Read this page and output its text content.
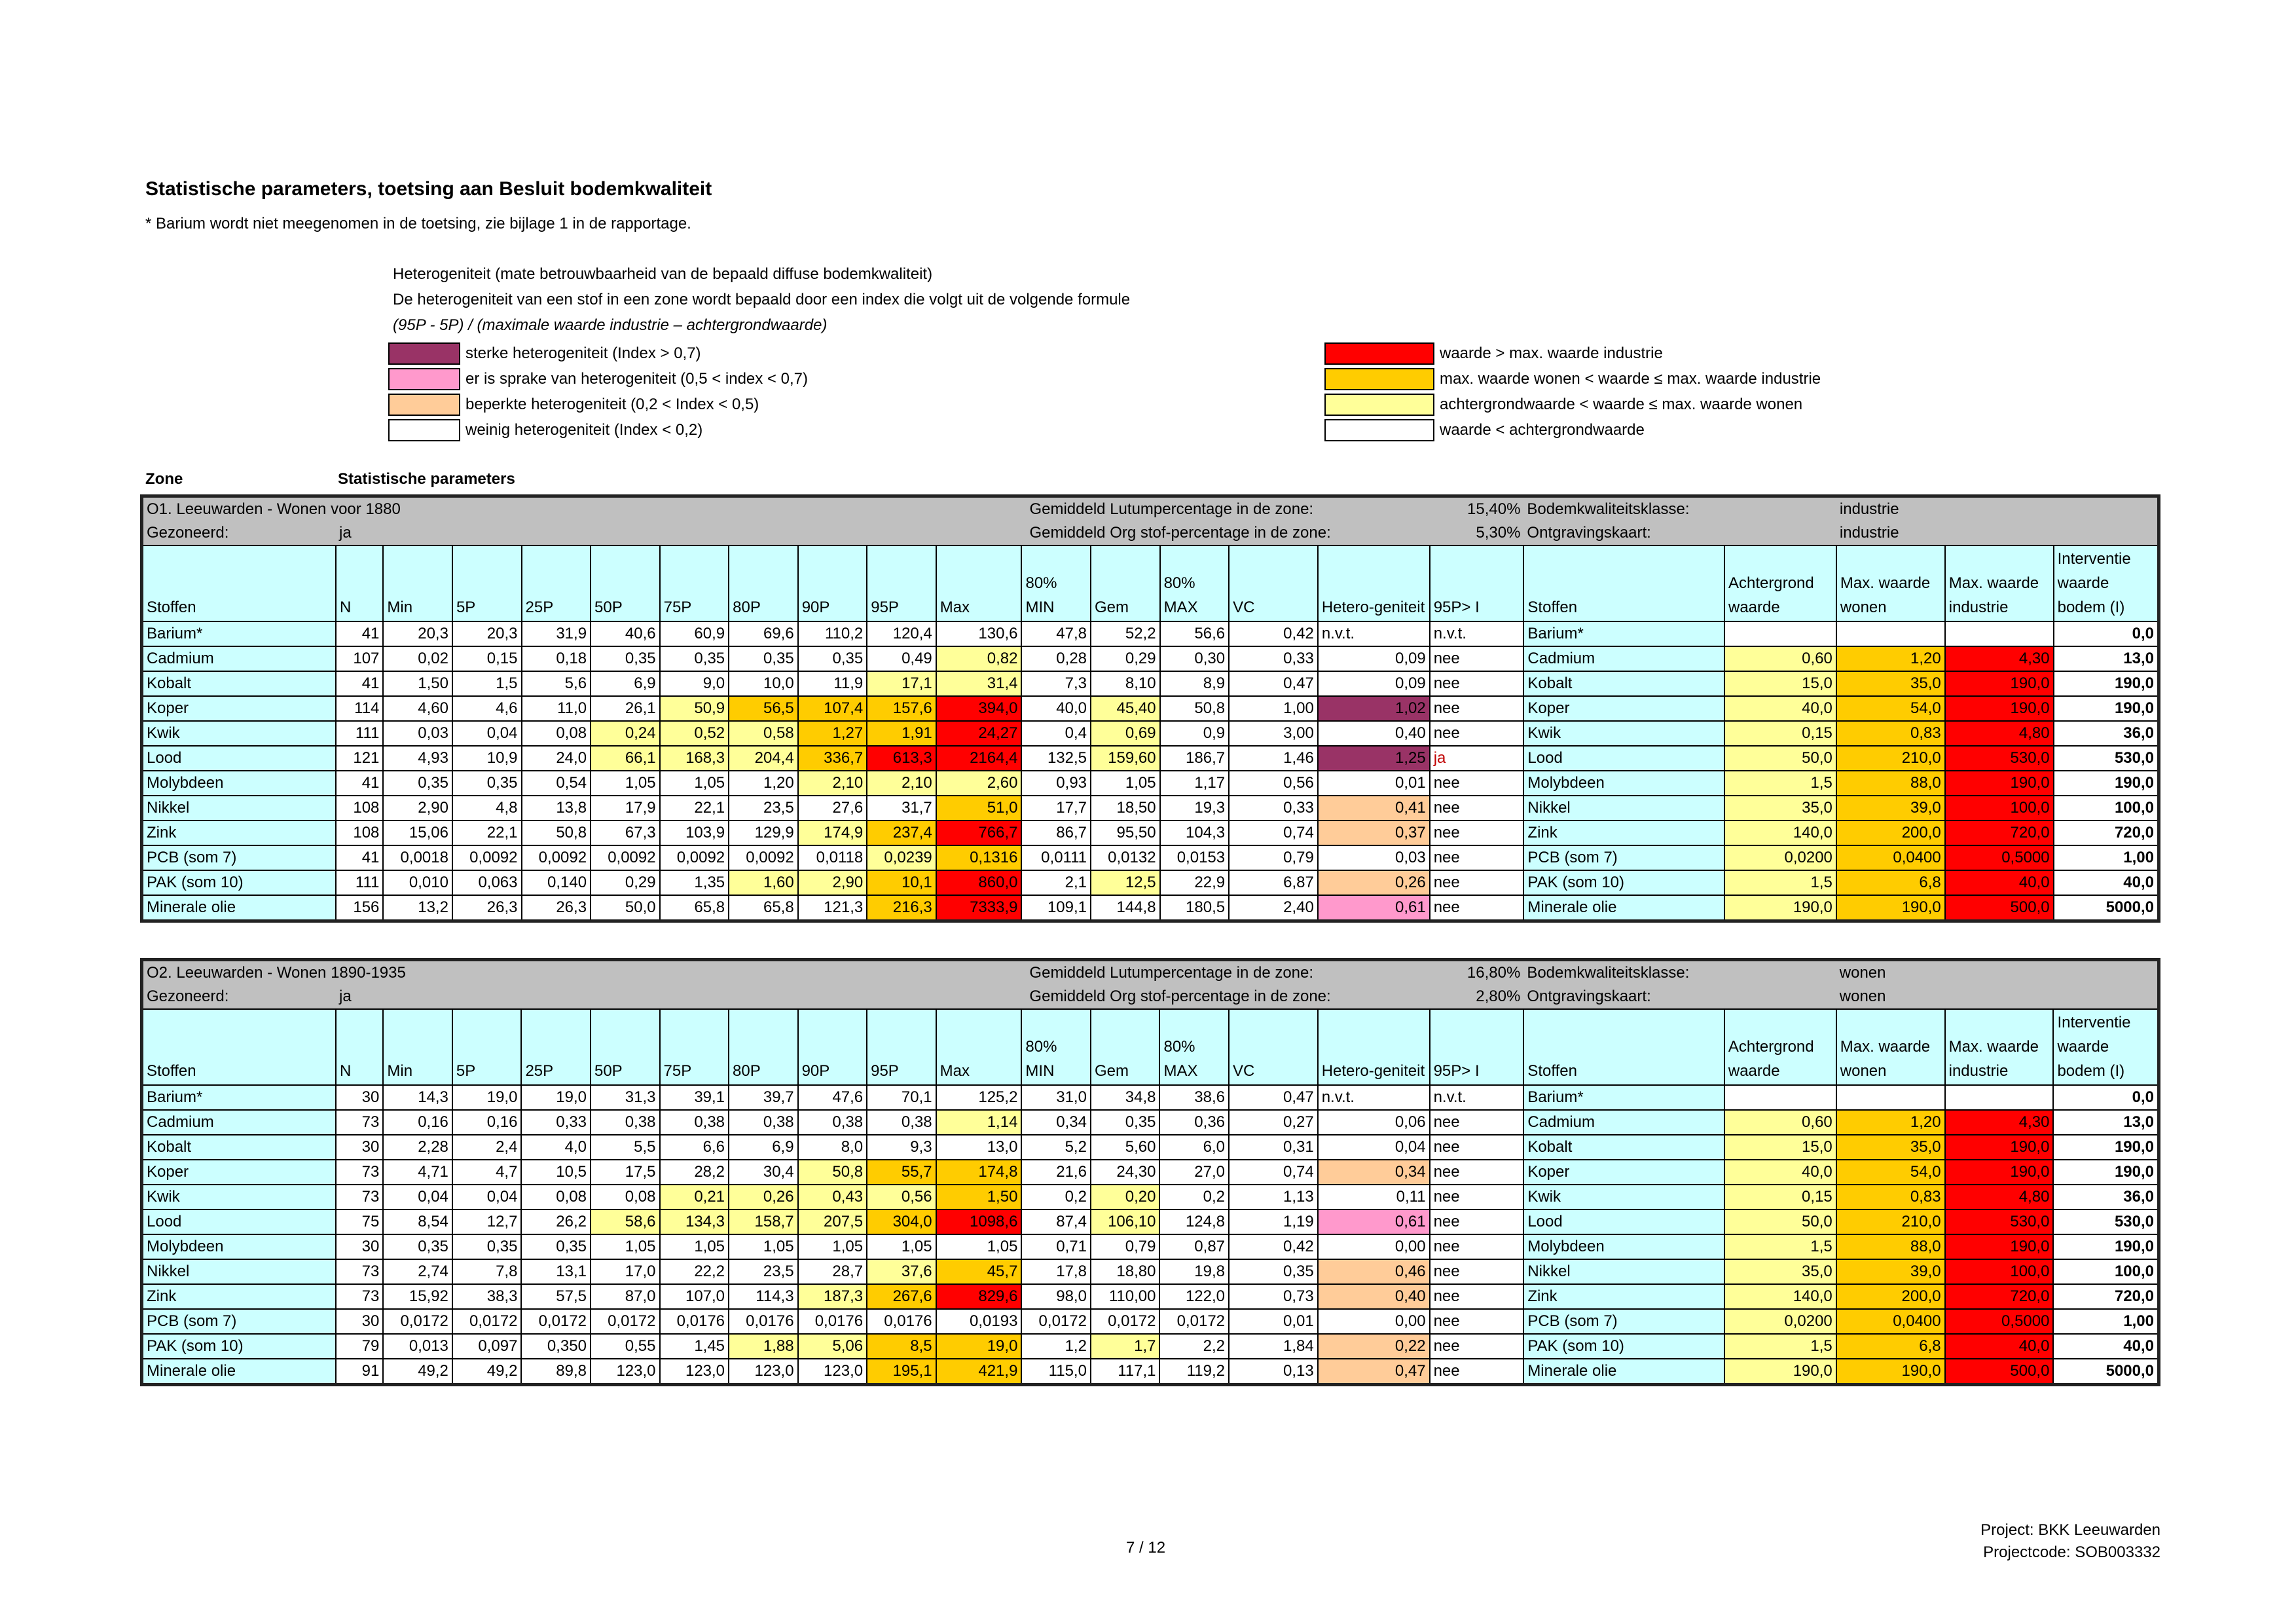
Statistische parameters, toetsing aan Besluit bodemkwaliteit
* Barium wordt niet meegenomen in de toetsing, zie bijlage 1 in de rapportage.
Heterogeniteit (mate betrouwbaarheid van de bepaald diffuse bodemkwaliteit)
De heterogeniteit van een stof in een zone wordt bepaald door een index die volgt uit de volgende formule
(95P - 5P) / (maximale waarde industrie – achtergrondwaarde)
sterke heterogeniteit (Index > 0,7)
er is sprake van heterogeniteit (0,5 < index < 0,7)
beperkte heterogeniteit (0,2 < Index < 0,5)
weinig heterogeniteit (Index < 0,2)
waarde > max. waarde industrie
max. waarde wonen < waarde ≤ max. waarde industrie
achtergrondwaarde < waarde ≤ max. waarde wonen
waarde < achtergrondwaarde
Zone	Statistische parameters
O1. Leeuwarden - Wonen voor 1880											Gemiddeld Lutumpercentage in de zone:					15,40%	Bodemkwaliteitsklasse:		industrie		
Gezoneerd:	ja										Gemiddeld Org stof-percentage in de zone:					5,30%	Ontgravingskaart:		industrie		
Stoffen	N	Min	5P	25P	50P	75P	80P	90P	95P	Max	80% MIN	Gem	80% MAX	VC	Hetero-geniteit	95P> I	Stoffen	Achtergrond waarde	Max. waarde wonen	Max. waarde industrie	Interventie waarde bodem (I)
Barium*	41	20,3	20,3	31,9	40,6	60,9	69,6	110,2	120,4	130,6	47,8	52,2	56,6	0,42	n.v.t.	n.v.t.	Barium*				0,0
Cadmium	107	0,02	0,15	0,18	0,35	0,35	0,35	0,35	0,49	0,82	0,28	0,29	0,30	0,33	0,09	nee	Cadmium	0,60	1,20	4,30	13,0
Kobalt	41	1,50	1,5	5,6	6,9	9,0	10,0	11,9	17,1	31,4	7,3	8,10	8,9	0,47	0,09	nee	Kobalt	15,0	35,0	190,0	190,0
Koper	114	4,60	4,6	11,0	26,1	50,9	56,5	107,4	157,6	394,0	40,0	45,40	50,8	1,00	1,02	nee	Koper	40,0	54,0	190,0	190,0
Kwik	111	0,03	0,04	0,08	0,24	0,52	0,58	1,27	1,91	24,27	0,4	0,69	0,9	3,00	0,40	nee	Kwik	0,15	0,83	4,80	36,0
Lood	121	4,93	10,9	24,0	66,1	168,3	204,4	336,7	613,3	2164,4	132,5	159,60	186,7	1,46	1,25	ja	Lood	50,0	210,0	530,0	530,0
Molybdeen	41	0,35	0,35	0,54	1,05	1,05	1,20	2,10	2,10	2,60	0,93	1,05	1,17	0,56	0,01	nee	Molybdeen	1,5	88,0	190,0	190,0
Nikkel	108	2,90	4,8	13,8	17,9	22,1	23,5	27,6	31,7	51,0	17,7	18,50	19,3	0,33	0,41	nee	Nikkel	35,0	39,0	100,0	100,0
Zink	108	15,06	22,1	50,8	67,3	103,9	129,9	174,9	237,4	766,7	86,7	95,50	104,3	0,74	0,37	nee	Zink	140,0	200,0	720,0	720,0
PCB (som 7)	41	0,0018	0,0092	0,0092	0,0092	0,0092	0,0092	0,0118	0,0239	0,1316	0,0111	0,0132	0,0153	0,79	0,03	nee	PCB (som 7)	0,0200	0,0400	0,5000	1,00
PAK (som 10)	111	0,010	0,063	0,140	0,29	1,35	1,60	2,90	10,1	860,0	2,1	12,5	22,9	6,87	0,26	nee	PAK (som 10)	1,5	6,8	40,0	40,0
Minerale olie	156	13,2	26,3	26,3	50,0	65,8	65,8	121,3	216,3	7333,9	109,1	144,8	180,5	2,40	0,61	nee	Minerale olie	190,0	190,0	500,0	5000,0
O2. Leeuwarden - Wonen 1890-1935											Gemiddeld Lutumpercentage in de zone:					16,80%	Bodemkwaliteitsklasse:		wonen		
Gezoneerd:	ja										Gemiddeld Org stof-percentage in de zone:					2,80%	Ontgravingskaart:		wonen		
Stoffen	N	Min	5P	25P	50P	75P	80P	90P	95P	Max	80% MIN	Gem	80% MAX	VC	Hetero-geniteit	95P> I	Stoffen	Achtergrond waarde	Max. waarde wonen	Max. waarde industrie	Interventie waarde bodem (I)
Barium*	30	14,3	19,0	19,0	31,3	39,1	39,7	47,6	70,1	125,2	31,0	34,8	38,6	0,47	n.v.t.	n.v.t.	Barium*				0,0
Cadmium	73	0,16	0,16	0,33	0,38	0,38	0,38	0,38	0,38	1,14	0,34	0,35	0,36	0,27	0,06	nee	Cadmium	0,60	1,20	4,30	13,0
Kobalt	30	2,28	2,4	4,0	5,5	6,6	6,9	8,0	9,3	13,0	5,2	5,60	6,0	0,31	0,04	nee	Kobalt	15,0	35,0	190,0	190,0
Koper	73	4,71	4,7	10,5	17,5	28,2	30,4	50,8	55,7	174,8	21,6	24,30	27,0	0,74	0,34	nee	Koper	40,0	54,0	190,0	190,0
Kwik	73	0,04	0,04	0,08	0,08	0,21	0,26	0,43	0,56	1,50	0,2	0,20	0,2	1,13	0,11	nee	Kwik	0,15	0,83	4,80	36,0
Lood	75	8,54	12,7	26,2	58,6	134,3	158,7	207,5	304,0	1098,6	87,4	106,10	124,8	1,19	0,61	nee	Lood	50,0	210,0	530,0	530,0
Molybdeen	30	0,35	0,35	0,35	1,05	1,05	1,05	1,05	1,05	1,05	0,71	0,79	0,87	0,42	0,00	nee	Molybdeen	1,5	88,0	190,0	190,0
Nikkel	73	2,74	7,8	13,1	17,0	22,2	23,5	28,7	37,6	45,7	17,8	18,80	19,8	0,35	0,46	nee	Nikkel	35,0	39,0	100,0	100,0
Zink	73	15,92	38,3	57,5	87,0	107,0	114,3	187,3	267,6	829,6	98,0	110,00	122,0	0,73	0,40	nee	Zink	140,0	200,0	720,0	720,0
PCB (som 7)	30	0,0172	0,0172	0,0172	0,0172	0,0176	0,0176	0,0176	0,0176	0,0193	0,0172	0,0172	0,0172	0,01	0,00	nee	PCB (som 7)	0,0200	0,0400	0,5000	1,00
PAK (som 10)	79	0,013	0,097	0,350	0,55	1,45	1,88	5,06	8,5	19,0	1,2	1,7	2,2	1,84	0,22	nee	PAK (som 10)	1,5	6,8	40,0	40,0
Minerale olie	91	49,2	49,2	89,8	123,0	123,0	123,0	123,0	195,1	421,9	115,0	117,1	119,2	0,13	0,47	nee	Minerale olie	190,0	190,0	500,0	5000,0
7 / 12
Project: BKK Leeuwarden
Projectcode: SOB003332
